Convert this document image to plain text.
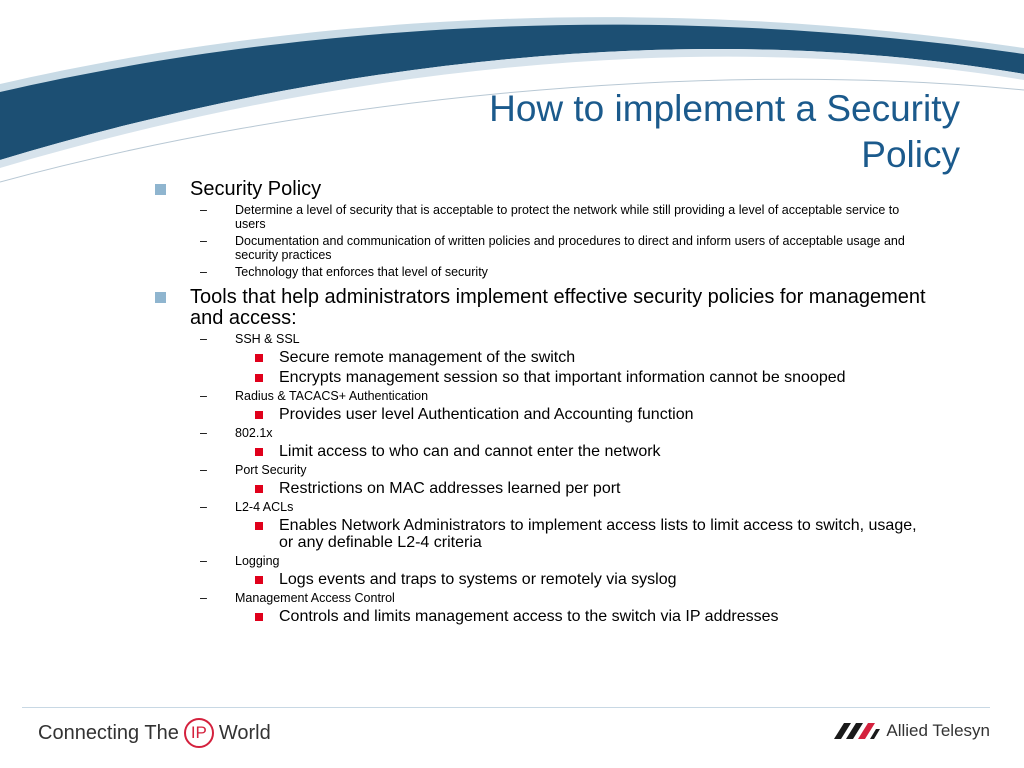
How to implement a Security Policy
Security Policy
– Determine a level of security that is acceptable to protect the network while still providing a level of acceptable service to users
– Documentation and communication of written policies and procedures to direct and inform users of acceptable usage and security practices
– Technology that enforces that level of security
Tools that help administrators implement effective security policies for management and access:
– SSH & SSL
Secure remote management of the switch
Encrypts management session so that important information cannot be snooped
– Radius & TACACS+ Authentication
Provides user level Authentication and Accounting function
– 802.1x
Limit access to who can and cannot enter the network
– Port Security
Restrictions on MAC addresses learned per port
– L2-4 ACLs
Enables Network Administrators to implement access lists to limit access to switch, usage, or any definable L2-4 criteria
– Logging
Logs events and traps to systems or remotely via syslog
– Management Access Control
Controls and limits management access to the switch via IP addresses
Connecting The IP World	Allied Telesyn
